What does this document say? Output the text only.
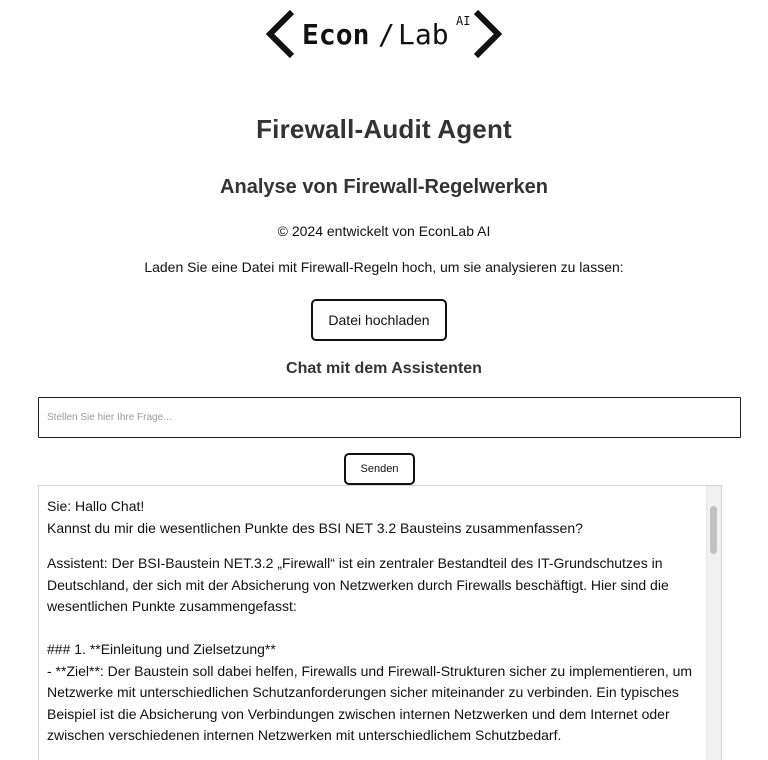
Econ / Lab AI
Firewall-Audit Agent
Analyse von Firewall-Regelwerken
© 2024 entwickelt von EconLab AI
Laden Sie eine Datei mit Firewall-Regeln hoch, um sie analysieren zu lassen:
Datei hochladen
Chat mit dem Assistenten
Stellen Sie hier Ihre Frage...
Senden

Sie: Hallo Chat!

Kannst du mir die wesentlichen Punkte des BSI NET 3.2 Bausteins zusammenfassen?

Assistent: Der BSI-Baustein NET.3.2 „Firewall“ ist ein zentraler Bestandteil des IT-Grundschutzes in

Deutschland, der sich mit der Absicherung von Netzwerken durch Firewalls beschäftigt. Hier sind die

wesentlichen Punkte zusammengefasst:

### 1. **Einleitung und Zielsetzung**

- **Ziel**: Der Baustein soll dabei helfen, Firewalls und Firewall-Strukturen sicher zu implementieren, um

Netzwerke mit unterschiedlichen Schutzanforderungen sicher miteinander zu verbinden. Ein typisches

Beispiel ist die Absicherung von Verbindungen zwischen internen Netzwerken und dem Internet oder

zwischen verschiedenen internen Netzwerken mit unterschiedlichem Schutzbedarf.
